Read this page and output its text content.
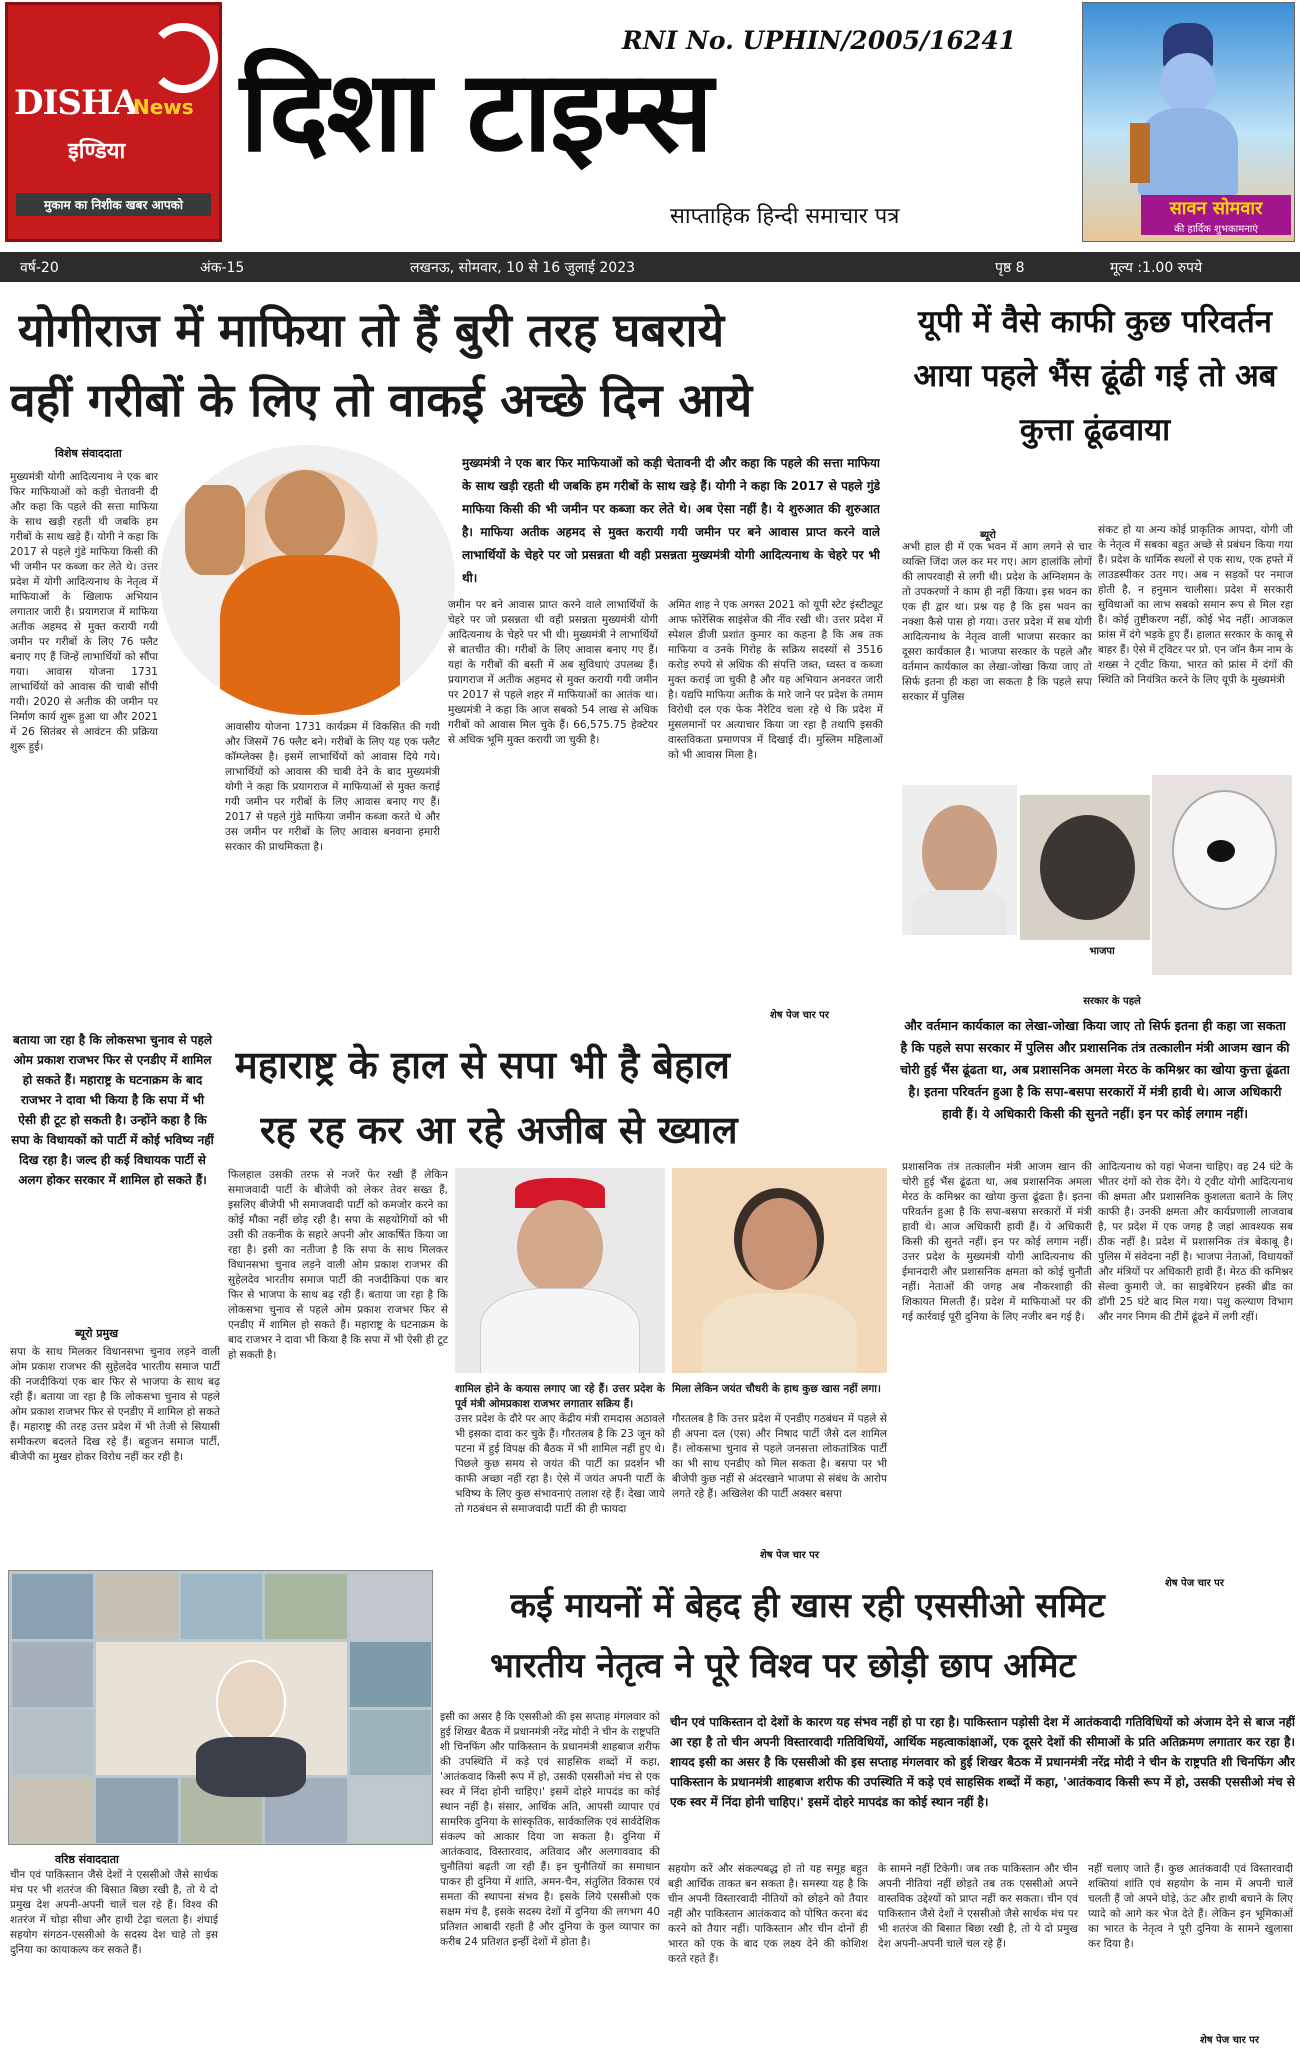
DISHA
News
इण्डिया
मुकाम का निशीक खबर आपको
RNI No. UPHIN/2005/16241
दिशा टाइम्स
साप्ताहिक हिन्दी समाचार पत्र	सावन सोमवार
की हार्दिक शुभकामनाएं
वर्ष-20	अंक-15	लखनऊ, सोमवार, 10 से 16 जुलाई 2023	पृष्ठ 8	मूल्य :1.00 रुपये
योगीराज में माफिया तो हैं बुरी तरह घबराये
वहीं गरीबों के लिए तो वाकई अच्छे दिन आये
विशेष संवाददाता
मुख्यमंत्री ने एक बार फिर माफियाओं को कड़ी चेतावनी दी और कहा कि पहले की सत्ता माफिया के साथ खड़ी रहती थी जबकि हम गरीबों के साथ खड़े हैं। योगी ने कहा कि 2017 से पहले गुंडे माफिया किसी की भी जमीन पर कब्जा कर लेते थे। अब ऐसा नहीं है। ये शुरुआत की शुरुआत है। माफिया अतीक अहमद से मुक्त करायी गयी जमीन पर बने आवास प्राप्त करने वाले लाभार्थियों के चेहरे पर जो प्रसन्नता थी वही प्रसन्नता मुख्यमंत्री योगी आदित्यनाथ के चेहरे पर भी थी।
मुख्यमंत्री योगी आदित्यनाथ ने एक बार फिर माफियाओं को कड़ी चेतावनी दी और कहा कि पहले की सत्ता माफिया के साथ खड़ी रहती थी जबकि हम गरीबों के साथ खड़े हैं। योगी ने कहा कि 2017 से पहले गुंडे माफिया किसी की भी जमीन पर कब्जा कर लेते थे। उत्तर प्रदेश में योगी आदित्यनाथ के नेतृत्व में माफियाओं के खिलाफ अभियान लगातार जारी है। प्रयागराज में माफिया अतीक अहमद से मुक्त करायी गयी जमीन पर गरीबों के लिए 76 फ्लैट बनाए गए हैं जिन्हें लाभार्थियों को सौंपा गया। आवास योजना 1731 लाभार्थियों को आवास की चाबी सौंपी गयी। 2020 से अतीक की जमीन पर निर्माण कार्य शुरू हुआ था और 2021 में 26 सितंबर से आवंटन की प्रक्रिया शुरू हुई।
आवासीय योजना 1731 कार्यक्रम में विकसित की गयी और जिसमें 76 फ्लैट बने। गरीबों के लिए यह एक फ्लैट कॉम्प्लेक्स है। इसमें लाभार्थियों को आवास दिये गये। लाभार्थियों को आवास की चाबी देने के बाद मुख्यमंत्री योगी ने कहा कि प्रयागराज में माफियाओं से मुक्त कराई गयी जमीन पर गरीबों के लिए आवास बनाए गए हैं। 2017 से पहले गुंडे माफिया जमीन कब्जा करते थे और उस जमीन पर गरीबों के लिए आवास बनवाना हमारी सरकार की प्राथमिकता है।
जमीन पर बने आवास प्राप्त करने वाले लाभार्थियों के चेहरे पर जो प्रसन्नता थी वही प्रसन्नता मुख्यमंत्री योगी आदित्यनाथ के चेहरे पर भी थी। मुख्यमंत्री ने लाभार्थियों से बातचीत की। गरीबों के लिए आवास बनाए गए हैं। यहां के गरीबों की बस्ती में अब सुविधाएं उपलब्ध हैं। प्रयागराज में अतीक अहमद से मुक्त करायी गयी जमीन पर 2017 से पहले शहर में माफियाओं का आतंक था। मुख्यमंत्री ने कहा कि आज सबको 54 लाख से अधिक गरीबों को आवास मिल चुके हैं। 66,575.75 हेक्टेयर से अधिक भूमि मुक्त करायी जा चुकी है।
अमित शाह ने एक अगस्त 2021 को यूपी स्टेट इंस्टीट्यूट आफ फोरेंसिक साइंसेज की नींव रखी थी। उत्तर प्रदेश में स्पेशल डीजी प्रशांत कुमार का कहना है कि अब तक माफिया व उनके गिरोह के सक्रिय सदस्यों से 3516 करोड़ रुपये से अधिक की संपत्ति जब्त, ध्वस्त व कब्जा मुक्त कराई जा चुकी है और यह अभियान अनवरत जारी है। यद्यपि माफिया अतीक के मारे जाने पर प्रदेश के तमाम विरोधी दल एक फेक नैरेटिव चला रहे थे कि प्रदेश में मुसलमानों पर अत्याचार किया जा रहा है तथापि इसकी वास्तविकता प्रमाणपत्र में दिखाई दी। मुस्लिम महिलाओं को भी आवास मिला है।
शेष पेज चार पर
यूपी में वैसे काफी कुछ परिवर्तन आया पहले भैंस ढूंढी गई तो अब कुत्ता ढूंढवाया
ब्यूरो
अभी हाल ही में एक भवन में आग लगने से चार व्यक्ति जिंदा जल कर मर गए। आग हालांकि लोगों की लापरवाही से लगी थी। प्रदेश के अग्निशमन के तो उपकरणों ने काम ही नहीं किया। इस भवन का एक ही द्वार था। प्रश्न यह है कि इस भवन का नक्शा कैसे पास हो गया। उत्तर प्रदेश में सब योगी आदित्यनाथ के नेतृत्व वाली भाजपा सरकार का दूसरा कार्यकाल है। भाजपा सरकार के पहले और वर्तमान कार्यकाल का लेखा-जोखा किया जाए तो सिर्फ इतना ही कहा जा सकता है कि पहले सपा सरकार में पुलिस
संकट हो या अन्य कोई प्राकृतिक आपदा, योगी जी के नेतृत्व में सबका बहुत अच्छे से प्रबंधन किया गया है। प्रदेश के धार्मिक स्थलों से एक साथ, एक हफ्ते में लाउडस्पीकर उतर गए। अब न सड़कों पर नमाज होती है, न हनुमान चालीसा। प्रदेश में सरकारी सुविधाओं का लाभ सबको समान रूप से मिल रहा है। कोई तुष्टीकरण नहीं, कोई भेद नहीं। आजकल फ्रांस में दंगे भड़के हुए हैं। हालात सरकार के काबू से बाहर हैं। ऐसे में ट्विटर पर प्रो. एन जॉन कैम नाम के शख्स ने ट्वीट किया, भारत को फ्रांस में दंगों की स्थिति को नियंत्रित करने के लिए यूपी के मुख्यमंत्री
सरकार के पहले
भाजपा
और वर्तमान कार्यकाल का लेखा-जोखा किया जाए तो सिर्फ इतना ही कहा जा सकता है कि पहले सपा सरकार में पुलिस और प्रशासनिक तंत्र तत्कालीन मंत्री आजम खान की चोरी हुई भैंस ढूंढता था, अब प्रशासनिक अमला मेरठ के कमिश्नर का खोया कुत्ता ढूंढता है। इतना परिवर्तन हुआ है कि सपा-बसपा सरकारों में मंत्री हावी थे। आज अधिकारी हावी हैं। ये अधिकारी किसी की सुनते नहीं। इन पर कोई लगाम नहीं।
प्रशासनिक तंत्र तत्कालीन मंत्री आजम खान की चोरी हुई भैंस ढूंढता था, अब प्रशासनिक अमला मेरठ के कमिश्नर का खोया कुत्ता ढूंढता है। इतना परिवर्तन हुआ है कि सपा-बसपा सरकारों में मंत्री हावी थे। आज अधिकारी हावी हैं। ये अधिकारी किसी की सुनते नहीं। इन पर कोई लगाम नहीं। उत्तर प्रदेश के मुख्यमंत्री योगी आदित्यनाथ की ईमानदारी और प्रशासनिक क्षमता को कोई चुनौती नहीं। नेताओं की जगह अब नौकरशाही की शिकायत मिलती हैं। प्रदेश में माफियाओं पर की गई कार्रवाई पूरी दुनिया के लिए नजीर बन गई है।
आदित्यनाथ को यहां भेजना चाहिए। वह 24 घंटे के भीतर दंगों को रोक देंगे। ये ट्वीट योगी आदित्यनाथ की क्षमता और प्रशासनिक कुशलता बताने के लिए काफी है। उनकी क्षमता और कार्यप्रणाली लाजवाब है, पर प्रदेश में एक जगह है जहां आवश्यक सब ठीक नहीं है। प्रदेश में प्रशासनिक तंत्र बेकाबू है। पुलिस में संवेदना नहीं है। भाजपा नेताओं, विधायकों और मंत्रियों पर अधिकारी हावी हैं। मेरठ की कमिश्नर सेल्वा कुमारी जे. का साइबेरियन हस्की ब्रीड का डॉगी 25 घंटे बाद मिल गया। पशु कल्याण विभाग और नगर निगम की टीमें ढूंढने में लगी रहीं।
शेष पेज चार पर
बताया जा रहा है कि लोकसभा चुनाव से पहले ओम प्रकाश राजभर फिर से एनडीए में शामिल हो सकते हैं। महाराष्ट्र के घटनाक्रम के बाद राजभर ने दावा भी किया है कि सपा में भी ऐसी ही टूट हो सकती है। उन्होंने कहा है कि सपा के विधायकों को पार्टी में कोई भविष्य नहीं दिख रहा है। जल्द ही कई विधायक पार्टी से अलग होकर सरकार में शामिल हो सकते हैं।
ब्यूरो प्रमुख
सपा के साथ मिलकर विधानसभा चुनाव लड़ने वाली ओम प्रकाश राजभर की सुहेलदेव भारतीय समाज पार्टी की नजदीकियां एक बार फिर से भाजपा के साथ बढ़ रही हैं। बताया जा रहा है कि लोकसभा चुनाव से पहले ओम प्रकाश राजभर फिर से एनडीए में शामिल हो सकते हैं। महाराष्ट्र की तरह उत्तर प्रदेश में भी तेजी से सियासी समीकरण बदलते दिख रहे हैं। बहुजन समाज पार्टी, बीजेपी का मुखर होकर विरोध नहीं कर रही है।
महाराष्ट्र के हाल से सपा भी है बेहाल
रह रह कर आ रहे अजीब से ख्याल
फिलहाल उसकी तरफ से नजरें फेर रखी हैं लेकिन समाजवादी पार्टी के बीजेपी को लेकर तेवर सख्त हैं, इसलिए बीजेपी भी समाजवादी पार्टी को कमजोर करने का कोई मौका नहीं छोड़ रही है। सपा के सहयोगियों को भी उसी की तकनीक के सहारे अपनी ओर आकर्षित किया जा रहा है। इसी का नतीजा है कि सपा के साथ मिलकर विधानसभा चुनाव लड़ने वाली ओम प्रकाश राजभर की सुहेलदेव भारतीय समाज पार्टी की नजदीकियां एक बार फिर से भाजपा के साथ बढ़ रही हैं। बताया जा रहा है कि लोकसभा चुनाव से पहले ओम प्रकाश राजभर फिर से एनडीए में शामिल हो सकते हैं। महाराष्ट्र के घटनाक्रम के बाद राजभर ने दावा भी किया है कि सपा में भी ऐसी ही टूट हो सकती है।
शामिल होने के कयास लगाए जा रहे हैं। उत्तर प्रदेश के पूर्व मंत्री ओमप्रकाश राजभर लगातार सक्रिय हैं।
उत्तर प्रदेश के दौरे पर आए केंद्रीय मंत्री रामदास अठावले भी इसका दावा कर चुके हैं। गौरतलब है कि 23 जून को पटना में हुई विपक्ष की बैठक में भी शामिल नहीं हुए थे। पिछले कुछ समय से जयंत की पार्टी का प्रदर्शन भी काफी अच्छा नहीं रहा है। ऐसे में जयंत अपनी पार्टी के भविष्य के लिए कुछ संभावनाएं तलाश रहे हैं। देखा जाये तो गठबंधन से समाजवादी पार्टी की ही फायदा
मिला लेकिन जयंत चौधरी के हाथ कुछ खास नहीं लगा।
गौरतलब है कि उत्तर प्रदेश में एनडीए गठबंधन में पहले से ही अपना दल (एस) और निषाद पार्टी जैसे दल शामिल हैं। लोकसभा चुनाव से पहले जनसत्ता लोकतांत्रिक पार्टी का भी साथ एनडीए को मिल सकता है। बसपा पर भी बीजेपी कुछ नहीं से अंदरखाने भाजपा से संबंध के आरोप लगते रहे हैं। अखिलेश की पार्टी अक्सर बसपा
शेष पेज चार पर
वरिष्ठ संवाददाता
चीन एवं पाकिस्तान जैसे देशों ने एससीओ जैसे सार्थक मंच पर भी शतरंज की बिसात बिछा रखी है, तो ये दो प्रमुख देश अपनी-अपनी चालें चल रहे हैं। विश्व की शतरंज में चोड़ा सीधा और हाथी टेढ़ा चलता है। शंघाई सहयोग संगठन-एससीओ के सदस्य देश चाहे तो इस दुनिया का कायाकल्प कर सकते हैं।
कई मायनों में बेहद ही खास रही एससीओ समिट
भारतीय नेतृत्व ने पूरे विश्व पर छोड़ी छाप अमिट
चीन एवं पाकिस्तान दो देशों के कारण यह संभव नहीं हो पा रहा है। पाकिस्तान पड़ोसी देश में आतंकवादी गतिविधियों को अंजाम देने से बाज नहीं आ रहा है तो चीन अपनी विस्तारवादी गतिविधियों, आर्थिक महत्वाकांक्षाओं, एक दूसरे देशों की सीमाओं के प्रति अतिक्रमण लगातार कर रहा है। शायद इसी का असर है कि एससीओ की इस सप्ताह मंगलवार को हुई शिखर बैठक में प्रधानमंत्री नरेंद्र मोदी ने चीन के राष्ट्रपति शी चिनफिंग और पाकिस्तान के प्रधानमंत्री शाहबाज शरीफ की उपस्थिति में कड़े एवं साहसिक शब्दों में कहा, 'आतंकवाद किसी रूप में हो, उसकी एससीओ मंच से एक स्वर में निंदा होनी चाहिए।' इसमें दोहरे मापदंड का कोई स्थान नहीं है।
इसी का असर है कि एससीओ की इस सप्ताह मंगलवार को हुई शिखर बैठक में प्रधानमंत्री नरेंद्र मोदी ने चीन के राष्ट्रपति शी चिनफिंग और पाकिस्तान के प्रधानमंत्री शाहबाज शरीफ की उपस्थिति में कड़े एवं साहसिक शब्दों में कहा, 'आतंकवाद किसी रूप में हो, उसकी एससीओ मंच से एक स्वर में निंदा होनी चाहिए।' इसमें दोहरे मापदंड का कोई स्थान नहीं है। संसार, आर्थिक अति, आपसी व्यापार एवं सामरिक दुनिया के सांस्कृतिक, सार्वकालिक एवं सार्वदेशिक संकल्प को आकार दिया जा सकता है। दुनिया में आतंकवाद, विस्तारवाद, अतिवाद और अलगाववाद की चुनौतियां बढ़ती जा रही हैं। इन चुनौतियों का समाधान पाकर ही दुनिया में शांति, अमन-चैन, संतुलित विकास एवं समता की स्थापना संभव है। इसके लिये एससीओ एक सक्षम मंच है, इसके सदस्य देशों में दुनिया की लगभग 40 प्रतिशत आबादी रहती है और दुनिया के कुल व्यापार का करीब 24 प्रतिशत इन्हीं देशों में होता है।
सहयोग करें और संकल्पबद्ध हो तो यह समूह बहुत बड़ी आर्थिक ताकत बन सकता है। समस्या यह है कि चीन अपनी विस्तारवादी नीतियों को छोड़ने को तैयार नहीं और पाकिस्तान आतंकवाद को पोषित करना बंद करने को तैयार नहीं। पाकिस्तान और चीन दोनों ही भारत को एक के बाद एक लक्ष्य देने की कोशिश करते रहते हैं।
के सामने नहीं टिकेगी। जब तक पाकिस्तान और चीन अपनी नीतियां नहीं छोड़ते तब तक एससीओ अपने वास्तविक उद्देश्यों को प्राप्त नहीं कर सकता। चीन एवं पाकिस्तान जैसे देशों ने एससीओ जैसे सार्थक मंच पर भी शतरंज की बिसात बिछा रखी है, तो ये दो प्रमुख देश अपनी-अपनी चालें चल रहे हैं।
नहीं चलाए जाते हैं। कुछ आतंकवादी एवं विस्तारवादी शक्तियां शांति एवं सहयोग के नाम में अपनी चालें चलती हैं जो अपने घोड़े, ऊंट और हाथी बचाने के लिए प्यादे को आगे कर भेज देते हैं। लेकिन इन भूमिकाओं का भारत के नेतृत्व ने पूरी दुनिया के सामने खुलासा कर दिया है।
शेष पेज चार पर
